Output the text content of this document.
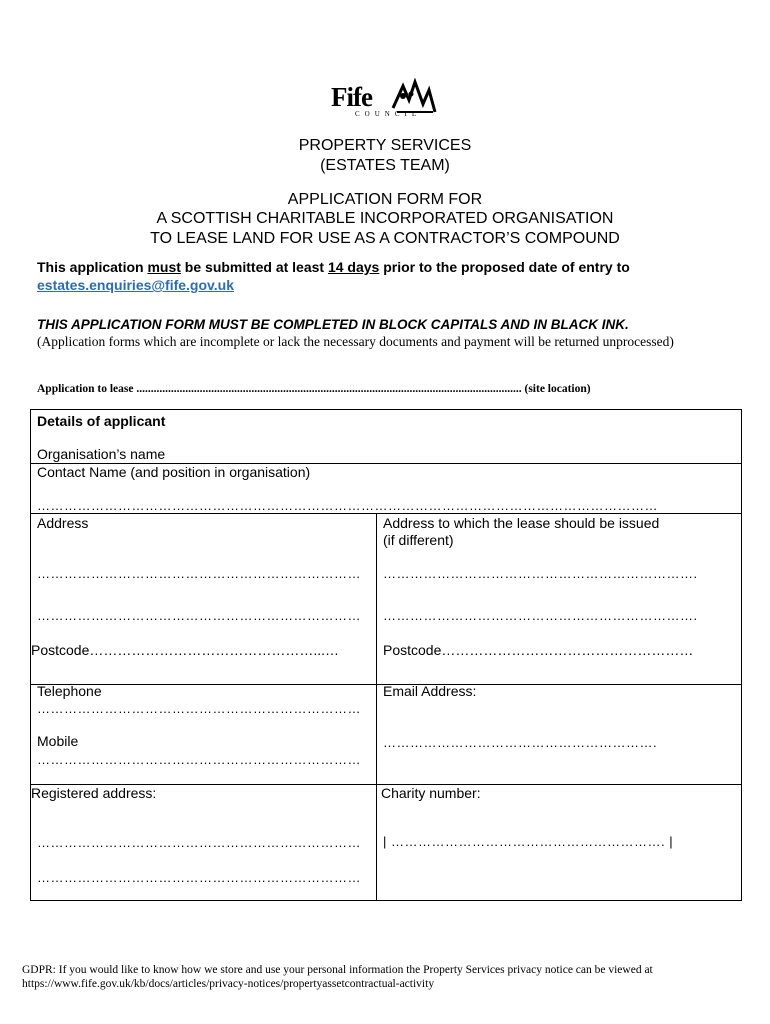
Fife
COUNCIL
PROPERTY SERVICES
(ESTATES TEAM)
APPLICATION FORM FOR
A SCOTTISH CHARITABLE INCORPORATED ORGANISATION
TO LEASE LAND FOR USE AS A CONTRACTOR’S COMPOUND
This application must be submitted at least 14 days prior to the proposed date of entry to
estates.enquiries@fife.gov.uk
THIS APPLICATION FORM MUST BE COMPLETED IN BLOCK CAPITALS AND IN BLACK INK.
(Application forms which are incomplete or lack the necessary documents and payment will be returned unprocessed)
Application to lease ...................................................................................................................................... (site location)
Details of applicant
Organisation’s name
Contact Name (and position in organisation)
…………………………………………………………………………………………………………………………
Address	Address to which the lease should be issued
(if different)
………………………………………………………………	…………………………………………………………….
………………………………………………………………	…………………………………………………………….
Postcode…………………………………………...…	Postcode………………………………………………
Telephone	Email Address:
………………………………………………………………
Mobile	…………………………………………………….
………………………………………………………………
Registered address:	Charity number:
………………………………………………………………	| ……………………………………………………. |
………………………………………………………………
GDPR: If you would like to know how we store and use your personal information the Property Services privacy notice can be viewed at
https://www.fife.gov.uk/kb/docs/articles/privacy-notices/propertyassetcontractual-activity
